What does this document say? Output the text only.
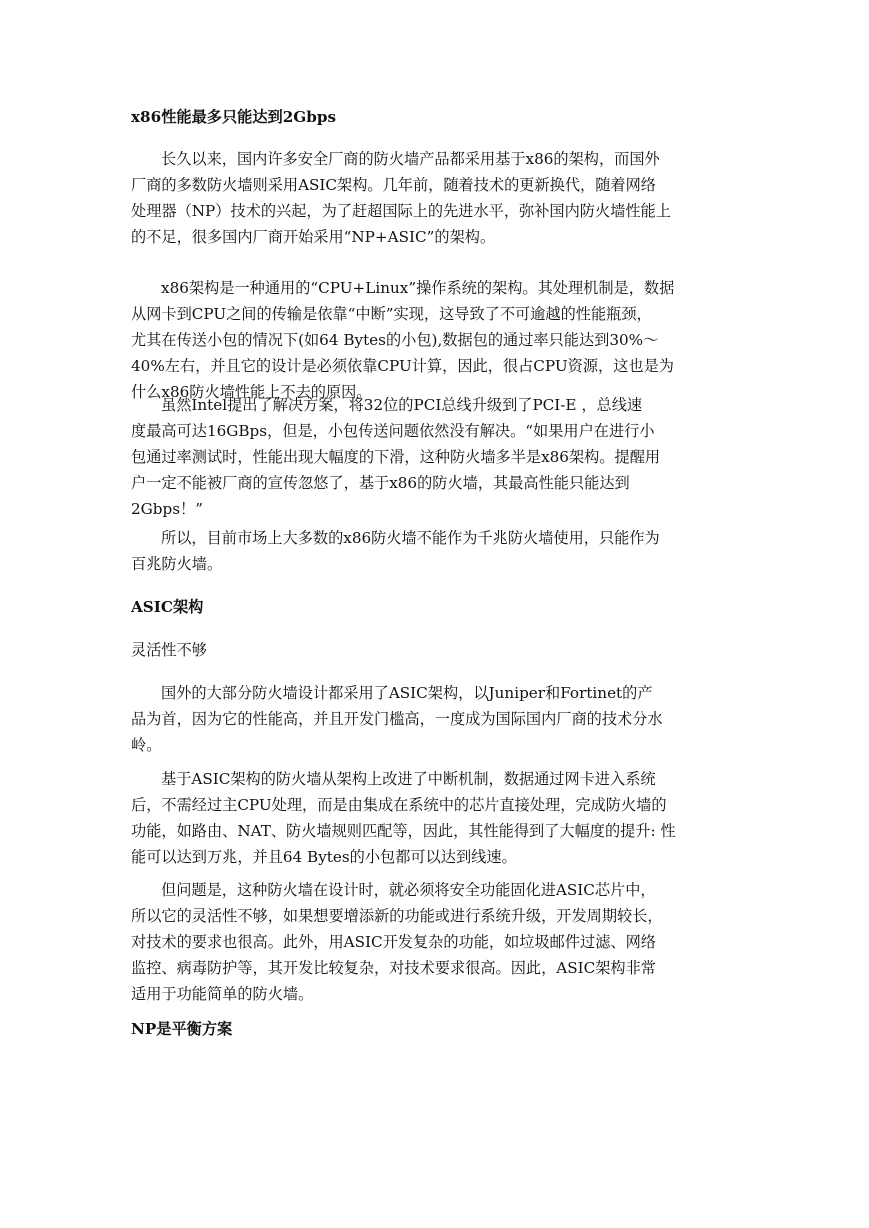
x86性能最多只能达到2Gbps
长久以来，国内许多安全厂商的防火墙产品都采用基于x86的架构，而国外
厂商的多数防火墙则采用ASIC架构。几年前，随着技术的更新换代，随着网络
处理器（NP）技术的兴起，为了赶超国际上的先进水平，弥补国内防火墙性能上
的不足，很多国内厂商开始采用“NP+ASIC”的架构。
x86架构是一种通用的“CPU+Linux”操作系统的架构。其处理机制是，数据
从网卡到CPU之间的传输是依靠“中断”实现，这导致了不可逾越的性能瓶颈，
尤其在传送小包的情况下(如64 Bytes的小包),数据包的通过率只能达到30%～
40%左右，并且它的设计是必须依靠CPU计算，因此，很占CPU资源，这也是为
什么x86防火墙性能上不去的原因。
虽然Intel提出了解决方案，将32位的PCI总线升级到了PCI-E ，总线速
度最高可达16GBps，但是，小包传送问题依然没有解决。“如果用户在进行小
包通过率测试时，性能出现大幅度的下滑，这种防火墙多半是x86架构。提醒用
户一定不能被厂商的宣传忽悠了，基于x86的防火墙，其最高性能只能达到
2Gbps！”
所以，目前市场上大多数的x86防火墙不能作为千兆防火墙使用，只能作为
百兆防火墙。
ASIC架构
灵活性不够
国外的大部分防火墙设计都采用了ASIC架构，以Juniper和Fortinet的产
品为首，因为它的性能高，并且开发门槛高，一度成为国际国内厂商的技术分水
岭。
基于ASIC架构的防火墙从架构上改进了中断机制，数据通过网卡进入系统
后，不需经过主CPU处理，而是由集成在系统中的芯片直接处理，完成防火墙的
功能，如路由、NAT、防火墙规则匹配等，因此，其性能得到了大幅度的提升: 性
能可以达到万兆，并且64 Bytes的小包都可以达到线速。
但问题是，这种防火墙在设计时，就必须将安全功能固化进ASIC芯片中，
所以它的灵活性不够，如果想要增添新的功能或进行系统升级，开发周期较长，
对技术的要求也很高。此外，用ASIC开发复杂的功能，如垃圾邮件过滤、网络
监控、病毒防护等，其开发比较复杂，对技术要求很高。因此，ASIC架构非常
适用于功能简单的防火墙。
NP是平衡方案
